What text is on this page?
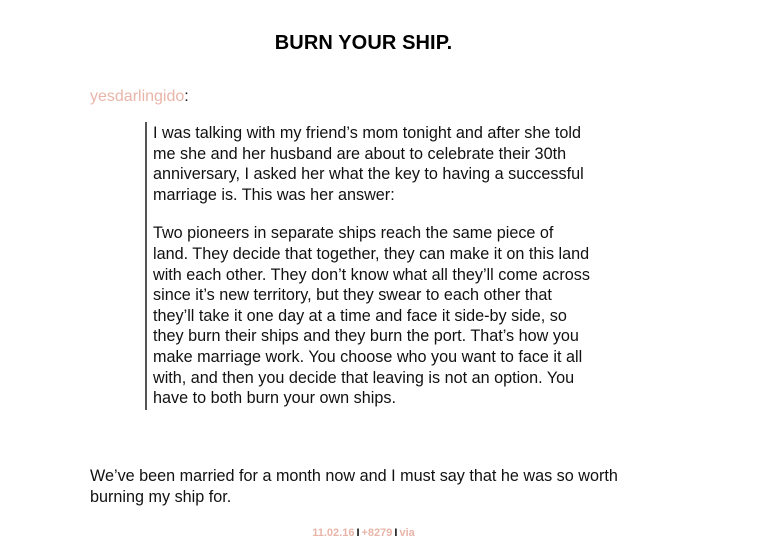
BURN YOUR SHIP.
yesdarlingido:

I was talking with my friend’s mom tonight and after she told me she and her husband are about to celebrate their 30th anniversary, I asked her what the key to having a successful marriage is. This was her answer:

Two pioneers in separate ships reach the same piece of land. They decide that together, they can make it on this land with each other. They don’t know what all they’ll come across since it’s new territory, but they swear to each other that they’ll take it one day at a time and face it side-by side, so they burn their ships and they burn the port. That’s how you make marriage work. You choose who you want to face it all with, and then you decide that leaving is not an option. You have to both burn your own ships.

We’ve been married for a month now and I must say that he was so worth burning my ship for.

11.02.16 I +8279 I via
